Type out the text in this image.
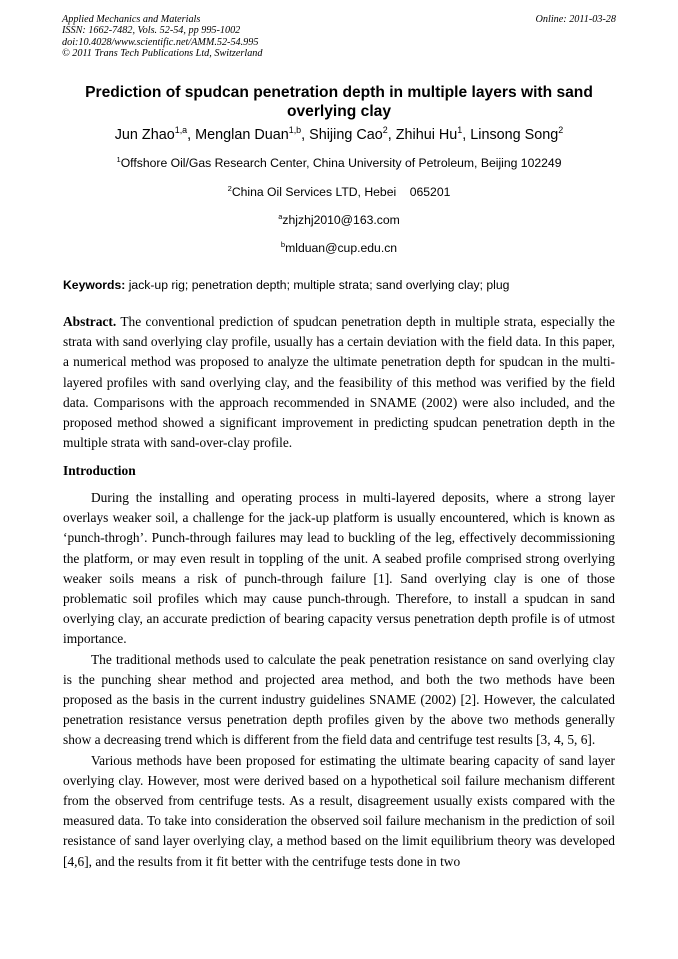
Applied Mechanics and Materials
ISSN: 1662-7482, Vols. 52-54, pp 995-1002
doi:10.4028/www.scientific.net/AMM.52-54.995
© 2011 Trans Tech Publications Ltd, Switzerland
Online: 2011-03-28
Prediction of spudcan penetration depth in multiple layers with sand overlying clay
Jun Zhao$^{1,a}$, Menglan Duan$^{1,b}$, Shijing Cao$^2$, Zhihui Hu$^1$, Linsong Song$^2$
$^1$Offshore Oil/Gas Research Center, China University of Petroleum, Beijing 102249
$^2$China Oil Services LTD, Hebei    065201
$^a$zhjzhj2010@163.com
$^b$mlduan@cup.edu.cn
Keywords: jack-up rig; penetration depth; multiple strata; sand overlying clay; plug
Abstract. The conventional prediction of spudcan penetration depth in multiple strata, especially the strata with sand overlying clay profile, usually has a certain deviation with the field data. In this paper, a numerical method was proposed to analyze the ultimate penetration depth for spudcan in the multi-layered profiles with sand overlying clay, and the feasibility of this method was verified by the field data. Comparisons with the approach recommended in SNAME (2002) were also included, and the proposed method showed a significant improvement in predicting spudcan penetration depth in the multiple strata with sand-over-clay profile.
Introduction

During the installing and operating process in multi-layered deposits, where a strong layer overlays weaker soil, a challenge for the jack-up platform is usually encountered, which is known as ‘punch-throgh’. Punch-through failures may lead to buckling of the leg, effectively decommissioning the platform, or may even result in toppling of the unit. A seabed profile comprised strong overlying weaker soils means a risk of punch-through failure [1]. Sand overlying clay is one of those problematic soil profiles which may cause punch-through. Therefore, to install a spudcan in sand overlying clay, an accurate prediction of bearing capacity versus penetration depth profile is of utmost importance.

The traditional methods used to calculate the peak penetration resistance on sand overlying clay is the punching shear method and projected area method, and both the two methods have been proposed as the basis in the current industry guidelines SNAME (2002) [2]. However, the calculated penetration resistance versus penetration depth profiles given by the above two methods generally show a decreasing trend which is different from the field data and centrifuge test results [3, 4, 5, 6].

Various methods have been proposed for estimating the ultimate bearing capacity of sand layer overlying clay. However, most were derived based on a hypothetical soil failure mechanism different from the observed from centrifuge tests. As a result, disagreement usually exists compared with the measured data. To take into consideration the observed soil failure mechanism in the prediction of soil resistance of sand layer overlying clay, a method based on the limit equilibrium theory was developed [4,6], and the results from it fit better with the centrifuge tests done in two
